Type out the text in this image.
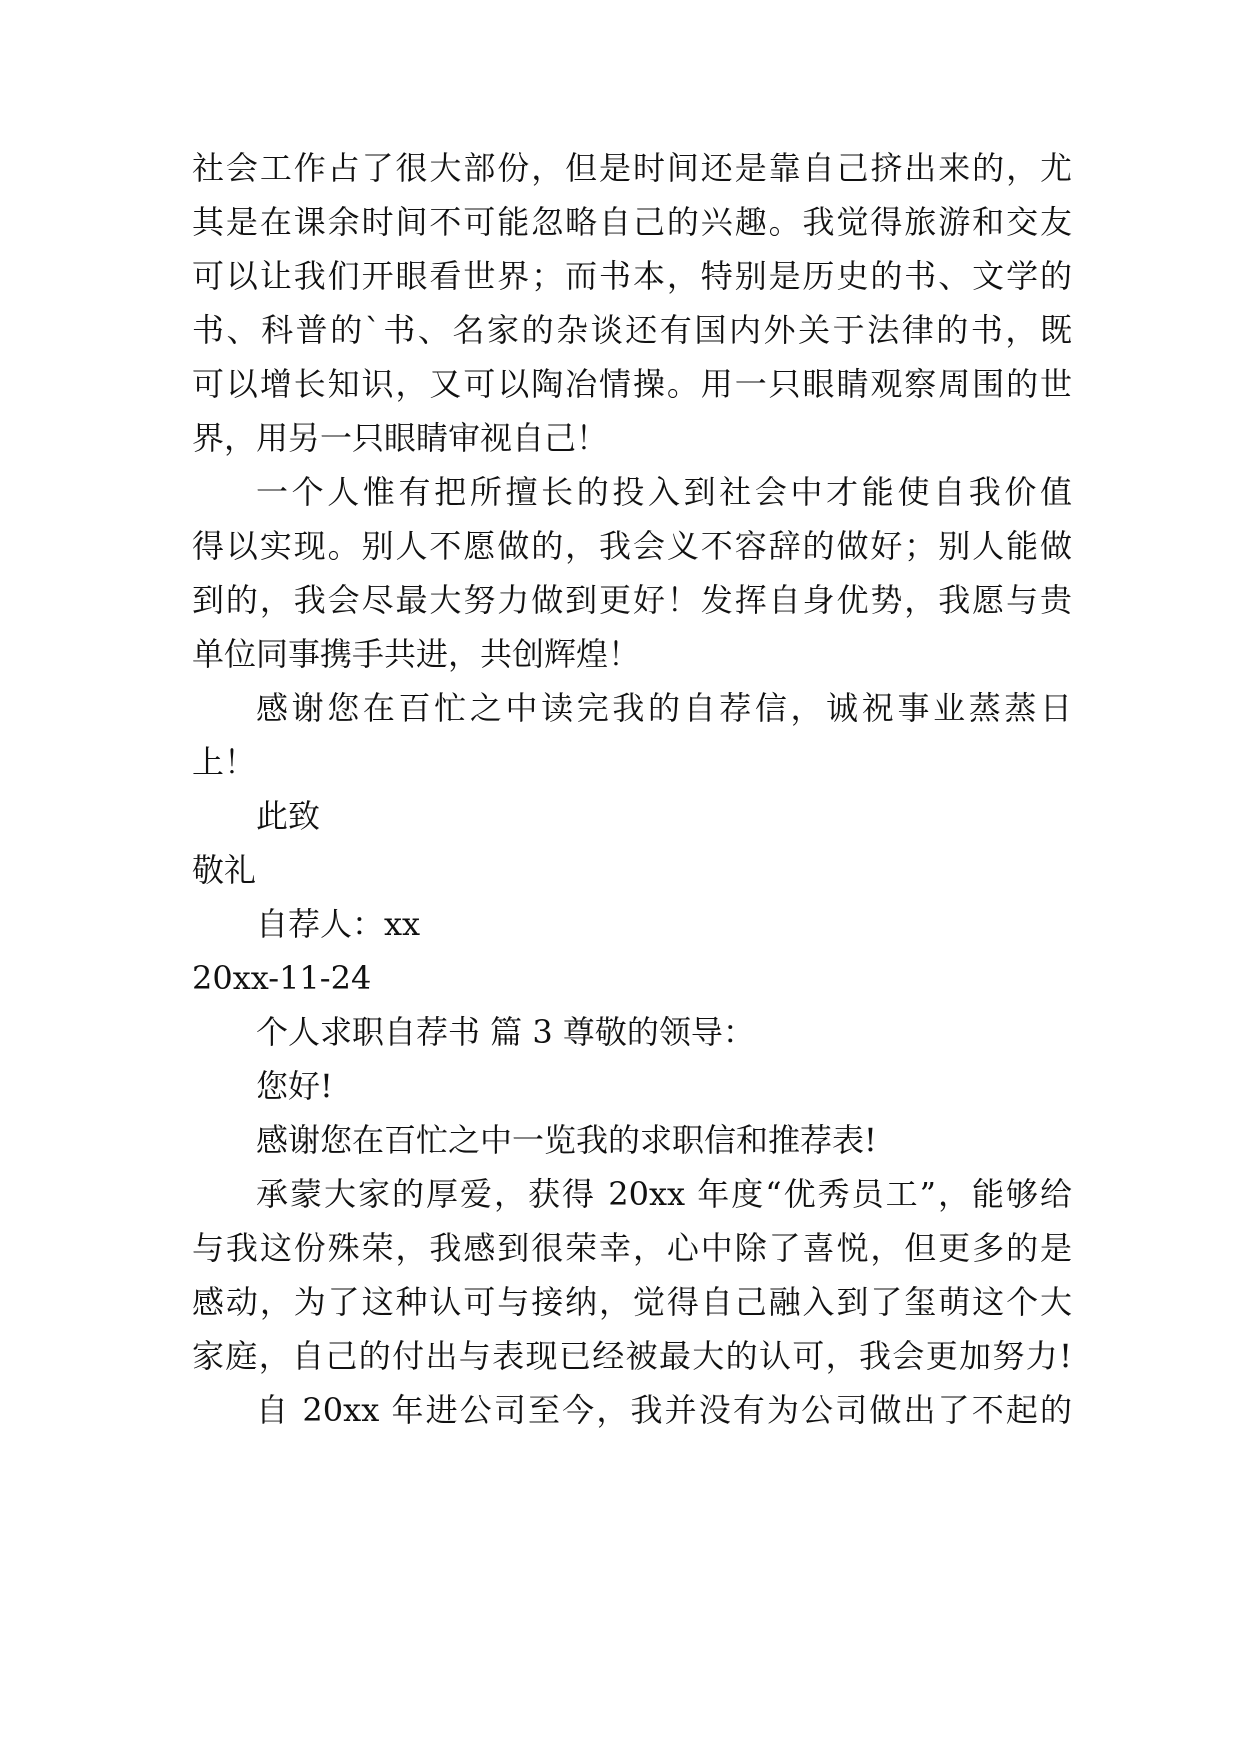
社会工作占了很大部份，但是时间还是靠自己挤出来的，尤
其是在课余时间不可能忽略自己的兴趣。我觉得旅游和交友
可以让我们开眼看世界；而书本，特别是历史的书、文学的
书、科普的`书、名家的杂谈还有国内外关于法律的书，既
可以增长知识，又可以陶冶情操。用一只眼睛观察周围的世
界，用另一只眼睛审视自己！
一个人惟有把所擅长的投入到社会中才能使自我价值
得以实现。别人不愿做的，我会义不容辞的做好；别人能做
到的，我会尽最大努力做到更好！发挥自身优势，我愿与贵
单位同事携手共进，共创辉煌！
感谢您在百忙之中读完我的自荐信，诚祝事业蒸蒸日
上！
此致
敬礼
自荐人：xx
20xx-11-24
个人求职自荐书 篇 3 尊敬的领导：
您好!
感谢您在百忙之中一览我的求职信和推荐表!
承蒙大家的厚爱，获得 20xx 年度“优秀员工”，能够给
与我这份殊荣，我感到很荣幸，心中除了喜悦，但更多的是
感动，为了这种认可与接纳，觉得自己融入到了玺萌这个大
家庭，自己的付出与表现已经被最大的认可，我会更加努力!
自 20xx 年进公司至今，我并没有为公司做出了不起的
